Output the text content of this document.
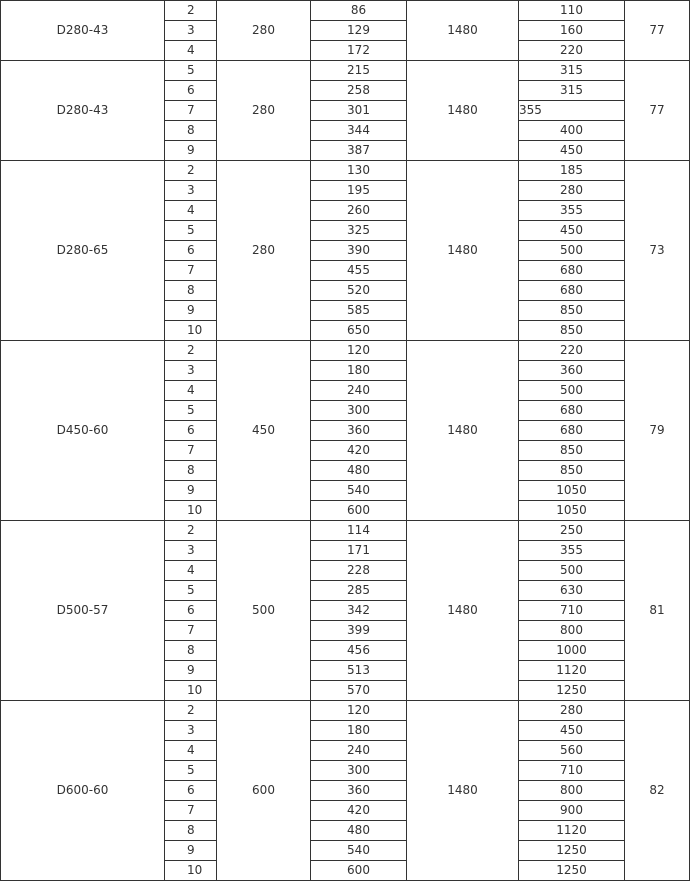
D280-43	2	280	86	1480	110	77
	3		129		160	
	4		172		220	
D280-43	5	280	215	1480	315	77
	6		258		315	
	7		301		355	
	8		344		400	
	9		387		450	
D280-65	2	280	130	1480	185	73
	3		195		280	
	4		260		355	
	5		325		450	
	6		390		500	
	7		455		680	
	8		520		680	
	9		585		850	
	10		650		850	
D450-60	2	450	120	1480	220	79
	3		180		360	
	4		240		500	
	5		300		680	
	6		360		680	
	7		420		850	
	8		480		850	
	9		540		1050	
	10		600		1050	
D500-57	2	500	114	1480	250	81
	3		171		355	
	4		228		500	
	5		285		630	
	6		342		710	
	7		399		800	
	8		456		1000	
	9		513		1120	
	10		570		1250	
D600-60	2	600	120	1480	280	82
	3		180		450	
	4		240		560	
	5		300		710	
	6		360		800	
	7		420		900	
	8		480		1120	
	9		540		1250	
	10		600		1250	
